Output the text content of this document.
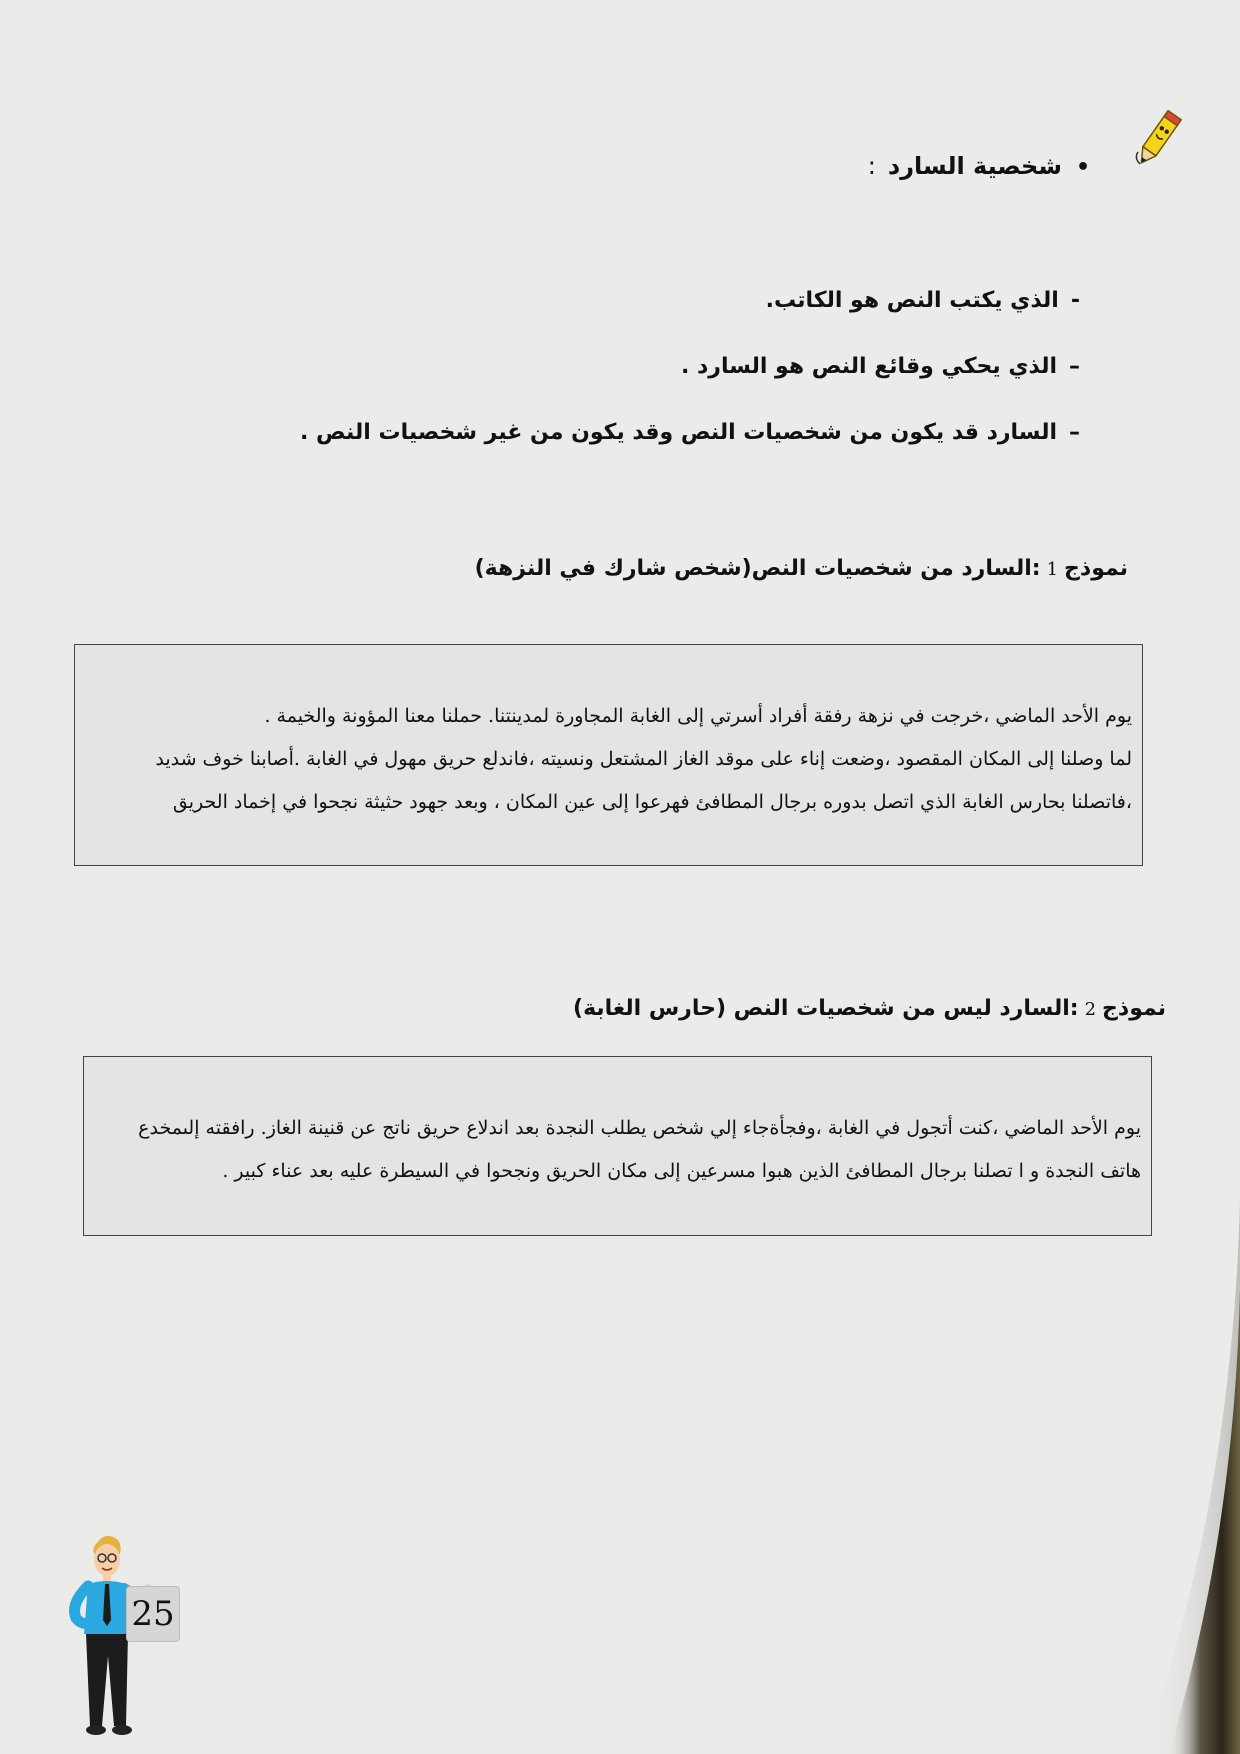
•شخصية السارد:
-الذي يكتب النص هو الكاتب.
–الذي يحكي وقائع النص هو السارد .
–السارد قد يكون من شخصيات النص وقد يكون من غير شخصيات النص .
نموذج1:السارد من شخصيات النص(شخص شارك في النزهة)
يوم الأحد الماضي ،خرجت في نزهة رفقة أفراد أسرتي إلى الغابة المجاورة لمدينتنا. حملنا معنا المؤونة والخيمة .
لما وصلنا إلى المكان المقصود ،وضعت إناء على موقد الغاز المشتعل ونسيته ،فاندلع حريق مهول في الغابة .أصابنا خوف شديد
،فاتصلنا بحارس الغابة الذي اتصل بدوره برجال المطافئ فهرعوا إلى عين المكان ، وبعد جهود حثيثة نجحوا في إخماد الحريق
نموذج2:السارد ليس من شخصيات النص (حارس الغابة)
يوم الأحد الماضي ،كنت أتجول في الغابة ،وفجأةجاء إلي شخص يطلب النجدة بعد اندلاع حريق ناتج عن قنينة الغاز. رافقته إلىمخدع
هاتف النجدة و ا تصلنا برجال المطافئ الذين هبوا مسرعين إلى مكان الحريق ونجحوا في السيطرة عليه بعد عناء كبير .
25
